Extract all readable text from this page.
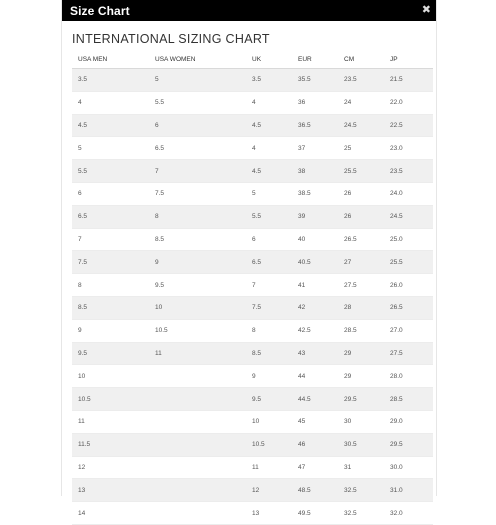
Size Chart	✖
INTERNATIONAL SIZING CHART
USA MEN	USA WOMEN	UK	EUR	CM	JP
3.5	5	3.5	35.5	23.5	21.5
4	5.5	4	36	24	22.0
4.5	6	4.5	36.5	24.5	22.5
5	6.5	4	37	25	23.0
5.5	7	4.5	38	25.5	23.5
6	7.5	5	38.5	26	24.0
6.5	8	5.5	39	26	24.5
7	8.5	6	40	26.5	25.0
7.5	9	6.5	40.5	27	25.5
8	9.5	7	41	27.5	26.0
8.5	10	7.5	42	28	26.5
9	10.5	8	42.5	28.5	27.0
9.5	11	8.5	43	29	27.5
10		9	44	29	28.0
10.5		9.5	44.5	29.5	28.5
11		10	45	30	29.0
11.5		10.5	46	30.5	29.5
12		11	47	31	30.0
13		12	48.5	32.5	31.0
14		13	49.5	32.5	32.0
